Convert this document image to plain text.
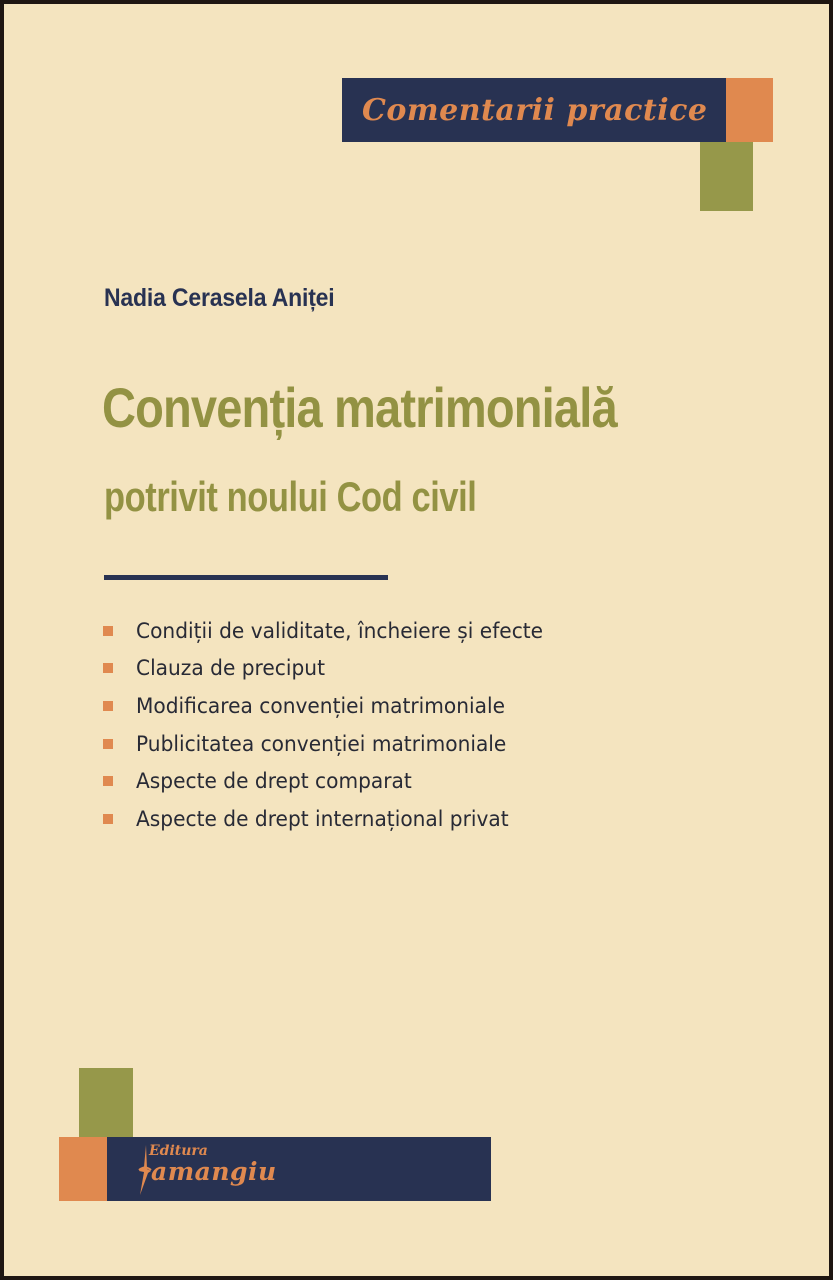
Comentarii practice
Nadia Cerasela Aniței
Convenția matrimonială
potrivit noului Cod civil
Condiții de validitate, încheiere și efecte
Clauza de preciput
Modificarea convenției matrimoniale
Publicitatea convenției matrimoniale
Aspecte de drept comparat
Aspecte de drept internațional privat
Editura
amangiu
